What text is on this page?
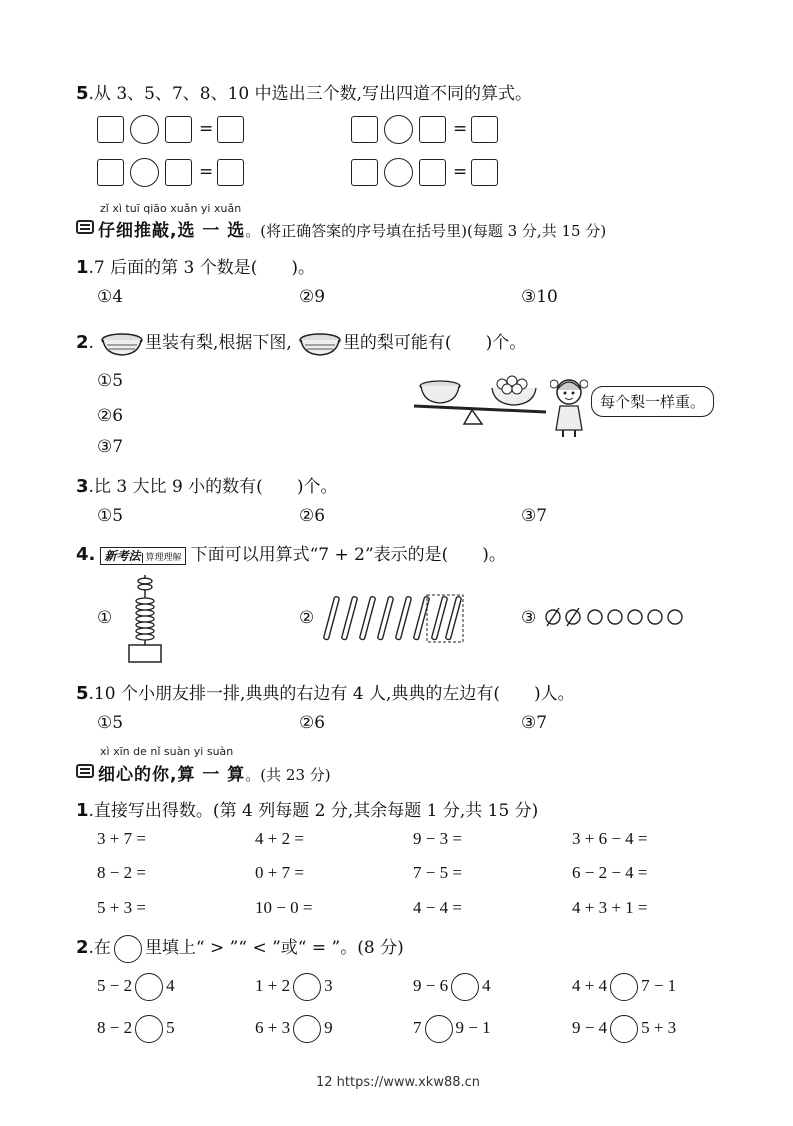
5.从 3、5、7、8、10 中选出三个数,写出四道不同的算式。
=	=
=	=
zǐ xì tuī qiāo xuǎn yi xuǎn
仔细推敲,选 一 选。(将正确答案的序号填在括号里)(每题 3 分,共 15 分)
1.7 后面的第 3 个数是(　　)。
①4	②9	③10
2.	里装有梨,根据下图,	里的梨可能有(　　)个。
①5
②6
③7
每个梨一样重。
3.比 3 大比 9 小的数有(　　)个。
①5	②6	③7
4. 新考法 算理理解 下面可以用算式“7 + 2”表示的是(　　)。
①	②	③
5.10 个小朋友排一排,典典的右边有 4 人,典典的左边有(　　)人。
①5	②6	③7
xì xīn de nǐ suàn yi suàn
细心的你,算 一 算。(共 23 分)
1.直接写出得数。(第 4 列每题 2 分,其余每题 1 分,共 15 分)
3 + 7 =	4 + 2 =	9 − 3 =	3 + 6 − 4 =
8 − 2 =	0 + 7 =	7 − 5 =	6 − 2 − 4 =
5 + 3 =	10 − 0 =	4 − 4 =	4 + 3 + 1 =
2.在 里填上“ > ”“ < ”或“ = ”。(8 分)
5 − 2 4	1 + 2 3	9 − 6 4	4 + 4 7 − 1
8 − 2 5	6 + 3 9	7 9 − 1	9 − 4 5 + 3
12 https://www.xkw88.cn
